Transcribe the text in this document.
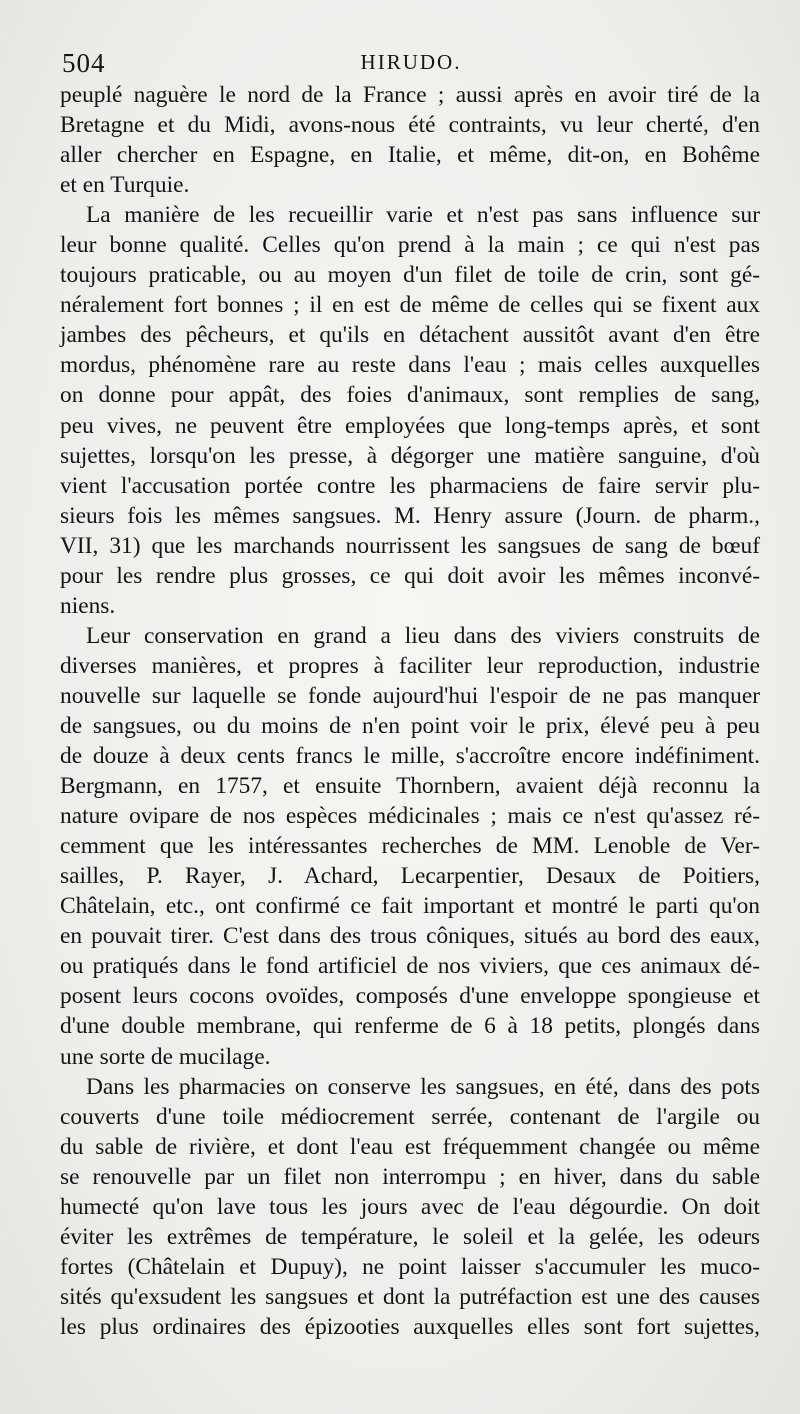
504	HIRUDO.
peuplé naguère le nord de la France ; aussi après en avoir tiré de la
Bretagne et du Midi, avons-nous été contraints, vu leur cherté, d'en
aller chercher en Espagne, en Italie, et même, dit-on, en Bohême
et en Turquie.
La manière de les recueillir varie et n'est pas sans influence sur
leur bonne qualité. Celles qu'on prend à la main ; ce qui n'est pas
toujours praticable, ou au moyen d'un filet de toile de crin, sont gé-
néralement fort bonnes ; il en est de même de celles qui se fixent aux
jambes des pêcheurs, et qu'ils en détachent aussitôt avant d'en être
mordus, phénomène rare au reste dans l'eau ; mais celles auxquelles
on donne pour appât, des foies d'animaux, sont remplies de sang,
peu vives, ne peuvent être employées que long-temps après, et sont
sujettes, lorsqu'on les presse, à dégorger une matière sanguine, d'où
vient l'accusation portée contre les pharmaciens de faire servir plu-
sieurs fois les mêmes sangsues. M. Henry assure (Journ. de pharm.,
VII, 31) que les marchands nourrissent les sangsues de sang de bœuf
pour les rendre plus grosses, ce qui doit avoir les mêmes inconvé-
niens.
Leur conservation en grand a lieu dans des viviers construits de
diverses manières, et propres à faciliter leur reproduction, industrie
nouvelle sur laquelle se fonde aujourd'hui l'espoir de ne pas manquer
de sangsues, ou du moins de n'en point voir le prix, élevé peu à peu
de douze à deux cents francs le mille, s'accroître encore indéfiniment.
Bergmann, en 1757, et ensuite Thornbern, avaient déjà reconnu la
nature ovipare de nos espèces médicinales ; mais ce n'est qu'assez ré-
cemment que les intéressantes recherches de MM. Lenoble de Ver-
sailles, P. Rayer, J. Achard, Lecarpentier, Desaux de Poitiers,
Châtelain, etc., ont confirmé ce fait important et montré le parti qu'on
en pouvait tirer. C'est dans des trous côniques, situés au bord des eaux,
ou pratiqués dans le fond artificiel de nos viviers, que ces animaux dé-
posent leurs cocons ovoïdes, composés d'une enveloppe spongieuse et
d'une double membrane, qui renferme de 6 à 18 petits, plongés dans
une sorte de mucilage.
Dans les pharmacies on conserve les sangsues, en été, dans des pots
couverts d'une toile médiocrement serrée, contenant de l'argile ou
du sable de rivière, et dont l'eau est fréquemment changée ou même
se renouvelle par un filet non interrompu ; en hiver, dans du sable
humecté qu'on lave tous les jours avec de l'eau dégourdie. On doit
éviter les extrêmes de température, le soleil et la gelée, les odeurs
fortes (Châtelain et Dupuy), ne point laisser s'accumuler les muco-
sités qu'exsudent les sangsues et dont la putréfaction est une des causes
les plus ordinaires des épizooties auxquelles elles sont fort sujettes,
